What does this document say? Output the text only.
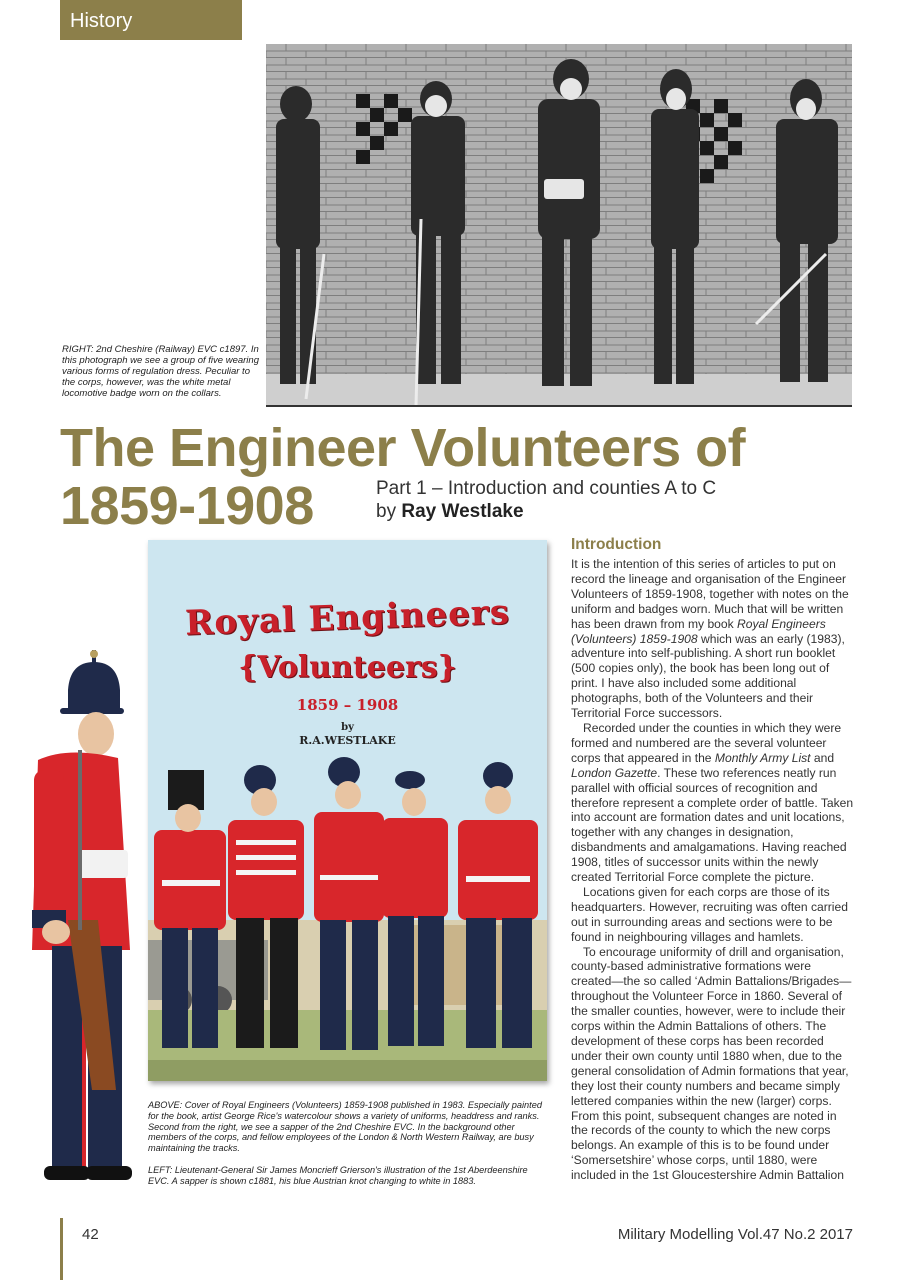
History
RIGHT: 2nd Cheshire (Railway) EVC c1897. In this photograph we see a group of five wearing various forms of regulation dress. Peculiar to the corps, however, was the white metal locomotive badge worn on the collars.
The Engineer Volunteers of
1859-1908	Part 1 – Introduction and counties A to C
by Ray Westlake
Royal Engineers
{Volunteers}
1859 – 1908
by
R.A.WESTLAKE
ABOVE: Cover of Royal Engineers (Volunteers) 1859-1908 published in 1983. Especially painted for the book, artist George Rice's watercolour shows a variety of uniforms, headdress and ranks. Second from the right, we see a sapper of the 2nd Cheshire EVC. In the background other members of the corps, and fellow employees of the London & North Western Railway, are busy maintaining the tracks.
LEFT: Lieutenant-General Sir James Moncrieff Grierson's illustration of the 1st Aberdeenshire EVC. A sapper is shown c1881, his blue Austrian knot changing to white in 1883.
Introduction

It is the intention of this series of articles to put on record the lineage and organisation of the Engineer Volunteers of 1859-1908, together with notes on the uniform and badges worn. Much that will be written has been drawn from my book Royal Engineers (Volunteers) 1859-1908 which was an early (1983), adventure into self-publishing. A short run booklet (500 copies only), the book has been long out of print. I have also included some additional photographs, both of the Volunteers and their Territorial Force successors.

Recorded under the counties in which they were formed and numbered are the several volunteer corps that appeared in the Monthly Army List and London Gazette. These two references neatly run parallel with official sources of recognition and therefore represent a complete order of battle. Taken into account are formation dates and unit locations, together with any changes in designation, disbandments and amalgamations. Having reached 1908, titles of successor units within the newly created Territorial Force complete the picture.

Locations given for each corps are those of its headquarters. However, recruiting was often carried out in surrounding areas and sections were to be found in neighbouring villages and hamlets.

To encourage uniformity of drill and organisation, county-based administrative formations were created—the so called ‘Admin Battalions/Brigades—throughout the Volunteer Force in 1860. Several of the smaller counties, however, were to include their corps within the Admin Battalions of others. The development of these corps has been recorded under their own county until 1880 when, due to the general consolidation of Admin formations that year, they lost their county numbers and became simply lettered companies within the new (larger) corps. From this point, subsequent changes are noted in the records of the county to which the new corps belongs. An example of this is to be found under ‘Somersetshire’ whose corps, until 1880, were included in the 1st Gloucestershire Admin Battalion

42	Military Modelling Vol.47 No.2 2017
